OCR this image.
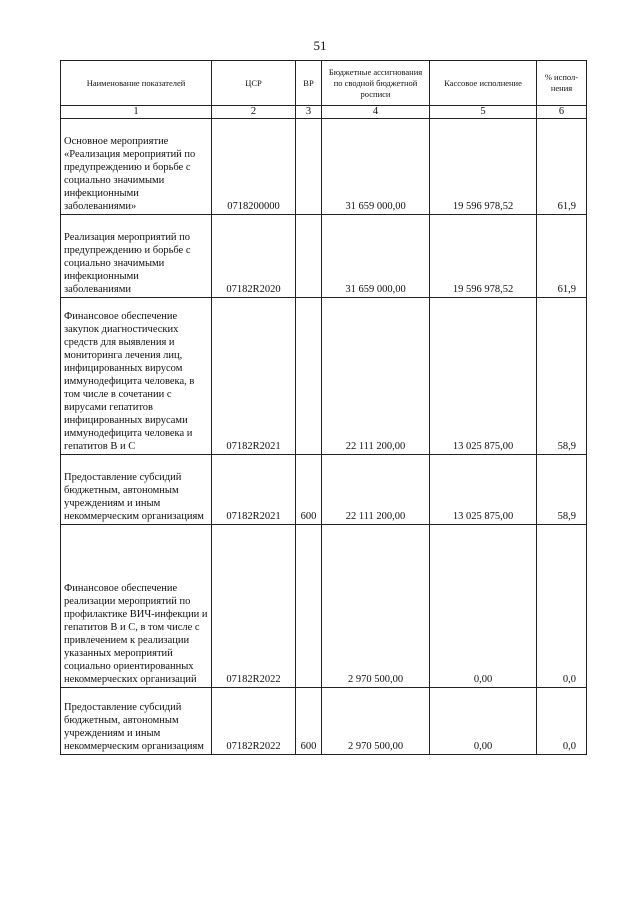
51
Наименование показателей	ЦСР	ВР	Бюджетные ассигнования по сводной бюджетной росписи	Кассовое исполнение	% испол- нения
1	2	3	4	5	6
Основное мероприятие «Реализация мероприятий по предупреждению и борьбе с социально значимыми инфекционными заболеваниями»	0718200000		31 659 000,00	19 596 978,52	61,9
Реализация мероприятий по предупреждению и борьбе с социально значимыми инфекционными заболеваниями	07182R2020		31 659 000,00	19 596 978,52	61,9
Финансовое обеспечение закупок диагностических средств для выявления и мониторинга лечения лиц, инфицированных вирусом иммунодефицита человека, в том числе в сочетании с вирусами гепатитов инфицированных вирусами иммунодефицита человека и гепатитов В и С	07182R2021		22 111 200,00	13 025 875,00	58,9
Предоставление субсидий бюджетным, автономным учреждениям и иным некоммерческим организациям	07182R2021	600	22 111 200,00	13 025 875,00	58,9
Финансовое обеспечение реализации мероприятий по профилактике ВИЧ-инфекции и гепатитов В и С, в том числе с привлечением к реализации указанных мероприятий социально ориентированных некоммерческих организаций	07182R2022		2 970 500,00	0,00	0,0
Предоставление субсидий бюджетным, автономным учреждениям и иным некоммерческим организациям	07182R2022	600	2 970 500,00	0,00	0,0
